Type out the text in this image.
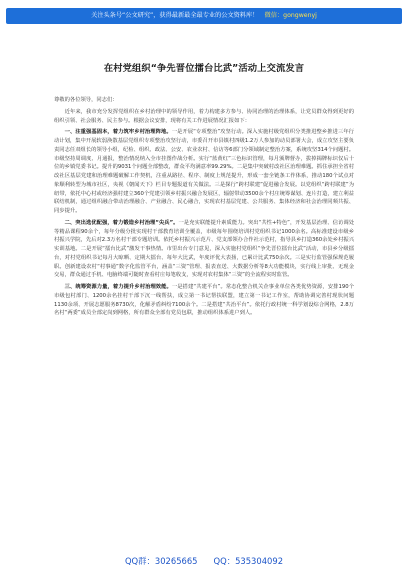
关注头条号“公文研究”，获得最新最全最专业的公文资料库！　 微信：gongwenyj
在村党组织“争先晋位擂台比武”活动上交流发言

尊敬的各位领导，同志们：

近年来，我市充分发挥党组织在乡村治理中的领导作用，着力构建多方参与、协同治理的治理体系，让党员群众得到更好的组织引领、社会服务、民主参与。根据会议安排，现将有关工作进展情况汇报如下：

一、注重强基固本，着力筑牢乡村治理阵地。一是开展“专项整治”攻坚行动。深入实施村级党组织分类推进整乡推进三年行动计划，集中开展软弱涣散基层党组织专项整治攻坚行动，市委召开市县镇村四级1.2万人参加的动员部署大会，成立攻坚主要负责同志任双组长的领导小组，纪检、组织、政法、公安、农业农村、信访等6部门分领域制定整治方案，系统攻坚314个问题村。市级坚持周调度、月通报，整治情况纳入全市挂图作战分析。实行“蓝黄红”三色标识管理，每月颁牌督办，拔掉揭牌标识仅后十位的乡镇党委书记。提升的9031个问题全部整改，群众平均满意率99.29%。二是集中突破村改社区治理难题。抓住承担全省村改社区基层党建和治理难题破解工作契机，注重从路径、程序、制度上规范提升，形成一套全链条工作体系，推动180个试点对象顺利转型为城市社区，央视《朝闻天下》栏目专题报道有关做法。三是探行“跨村联建”促进融合发展。以党组织“跨村联建”为纽带，依托中心村或经济强村建立360个党建引领乡村振兴融合发展区，辐射带动3500余个村庄统筹谋划、连片打造，建立利益联结机制，通过组织融合带动治理融合、产业融合、民心融合，实现农村基层党建、公共服务、集体经济和社会治理同频共振、同步提升。

二、突出选优配强，着力锻造乡村治理“尖兵”。一是充实联能提升素质能力。突出“共性+特色”，开发基层治理、信访调处等精品课程90余个，每年分级分批实现村干部教育培训全覆盖，市级每年围绕培训村党组织书记1000余名。高标准建设市级乡村振兴学院，先后对2.3万名村干部专题培训。依托乡村振兴示范片、党支部领办合作社示范村，指导县乡打造360余处乡村振兴实训基地。二是开展“擂台比武”激发干事热情。市里出台专门意见，深入实施村党组织“争先晋位擂台比武”活动，市县乡分级擂台，对村党组织书记每月大晾晒、定期大擂台、每年大比武，年度评优大表扬，已累计比武750余次。三是实行监管强保规范履职。创新建设农村“村事通”数字化监管平台，涵盖“三资”管理、报表直送、大数据分析等8大功能模块，实行线上审批、无现金交易，群众通过手机、电脑终端可随时查看村庄每笔收支，实现对农村集体“三资”的全流程实时监管。

三、统筹资源力量，着力提升乡村治理效能。一是搭建“共建平台”。常态化整合机关企事业单位各类优势资源，安排190个市级包村部门、1200余名挂村干部下沉一线帮扶，成立第一书记帮扶联盟，建立第一书记工作室，帮助协调完善村现状问题1130余项、开展志愿服务8730次，化解矛盾纠纷7100余个。二是搭建“共治平台”。依托行政村统一科学划设综合网格，2.8万名村“两委”成员全部定岗到网格，所有群众全部有党员包联，推动组织体系进户到人。

QQ群：30265665 QQ：535304092
